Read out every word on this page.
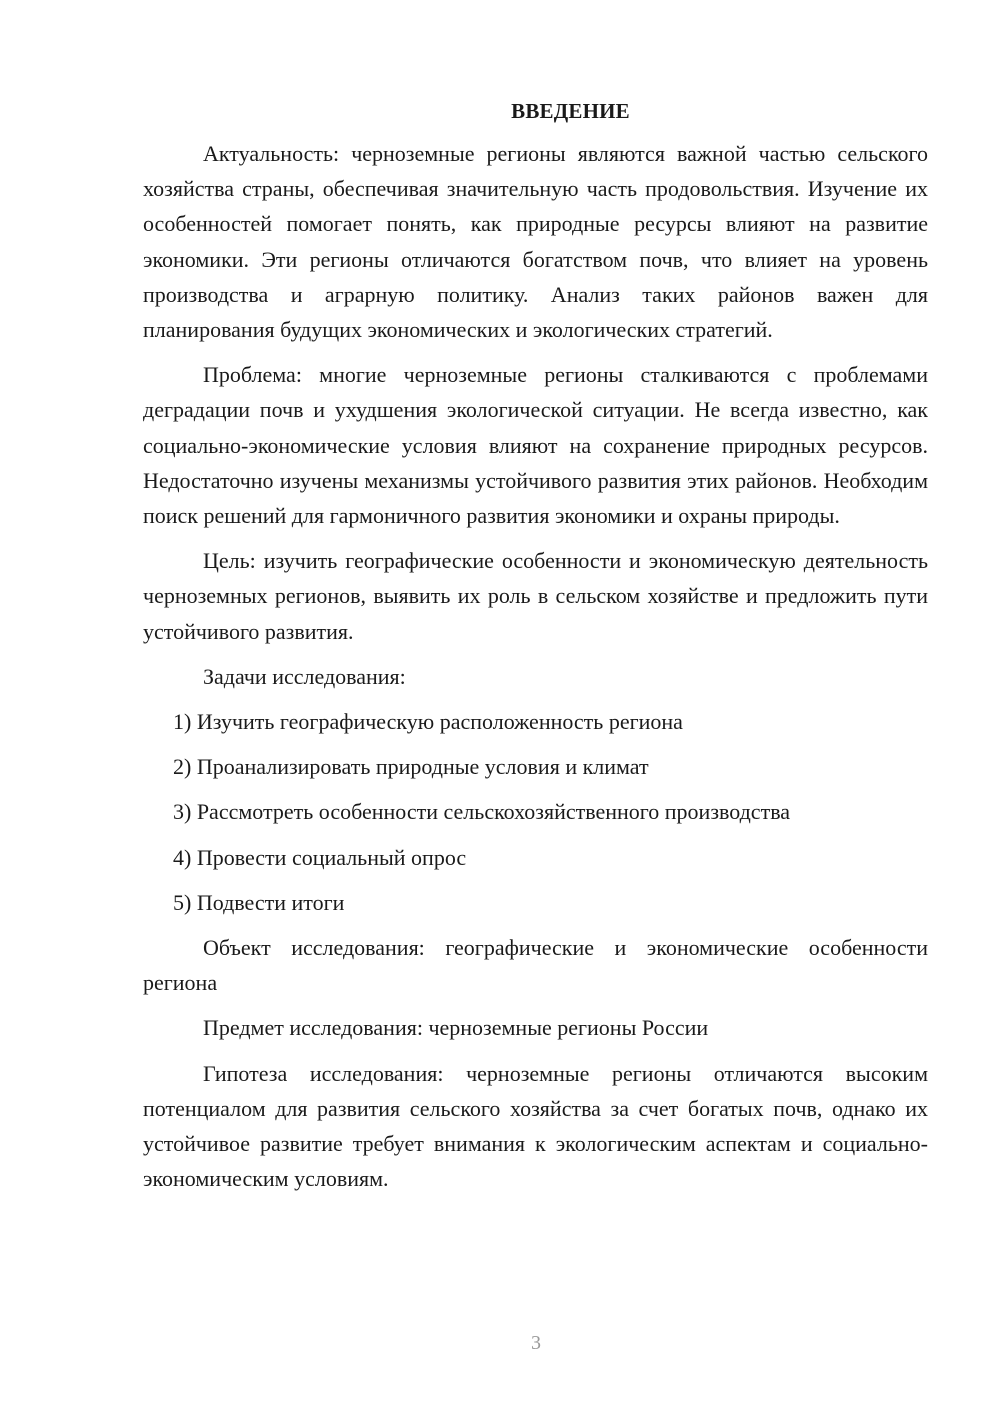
ВВЕДЕНИЕ

Актуальность: черноземные регионы являются важной частью сельского хозяйства страны, обеспечивая значительную часть продовольствия. Изучение их особенностей помогает понять, как природные ресурсы влияют на развитие экономики. Эти регионы отличаются богатством почв, что влияет на уровень производства и аграрную политику. Анализ таких районов важен для планирования будущих экономических и экологических стратегий.

Проблема: многие черноземные регионы сталкиваются с проблемами деградации почв и ухудшения экологической ситуации. Не всегда известно, как социально-экономические условия влияют на сохранение природных ресурсов. Недостаточно изучены механизмы устойчивого развития этих районов. Необходим поиск решений для гармоничного развития экономики и охраны природы.

Цель: изучить географические особенности и экономическую деятельность черноземных регионов, выявить их роль в сельском хозяйстве и предложить пути устойчивого развития.

Задачи исследования:

1) Изучить географическую расположенность региона
2) Проанализировать природные условия и климат
3) Рассмотреть особенности сельскохозяйственного производства
4) Провести социальный опрос
5) Подвести итоги

Объект исследования: географические и экономические особенности региона

Предмет исследования: черноземные регионы России

Гипотеза исследования: черноземные регионы отличаются высоким потенциалом для развития сельского хозяйства за счет богатых почв, однако их устойчивое развитие требует внимания к экологическим аспектам и социально-экономическим условиям.

3
